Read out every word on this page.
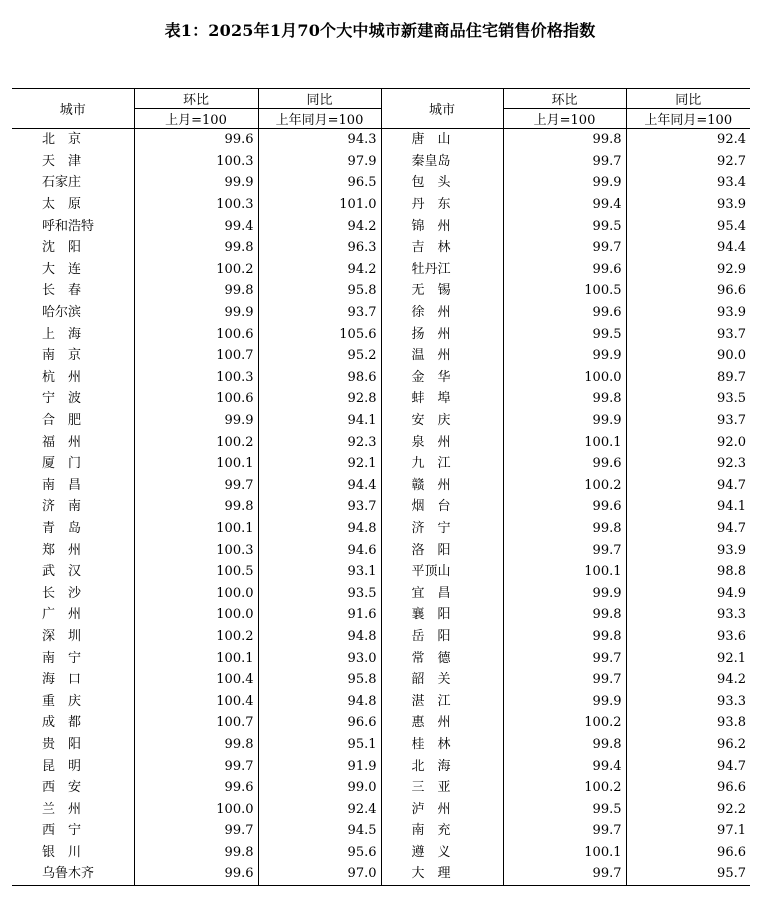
表1：2025年1月70个大中城市新建商品住宅销售价格指数
城市	环比	同比	城市	环比	同比
	上月=100	上年同月=100		上月=100	上年同月=100
北　京	99.6	94.3	唐　山	99.8	92.4
天　津	100.3	97.9	秦皇岛	99.7	92.7
石家庄	99.9	96.5	包　头	99.9	93.4
太　原	100.3	101.0	丹　东	99.4	93.9
呼和浩特	99.4	94.2	锦　州	99.5	95.4
沈　阳	99.8	96.3	吉　林	99.7	94.4
大　连	100.2	94.2	牡丹江	99.6	92.9
长　春	99.8	95.8	无　锡	100.5	96.6
哈尔滨	99.9	93.7	徐　州	99.6	93.9
上　海	100.6	105.6	扬　州	99.5	93.7
南　京	100.7	95.2	温　州	99.9	90.0
杭　州	100.3	98.6	金　华	100.0	89.7
宁　波	100.6	92.8	蚌　埠	99.8	93.5
合　肥	99.9	94.1	安　庆	99.9	93.7
福　州	100.2	92.3	泉　州	100.1	92.0
厦　门	100.1	92.1	九　江	99.6	92.3
南　昌	99.7	94.4	赣　州	100.2	94.7
济　南	99.8	93.7	烟　台	99.6	94.1
青　岛	100.1	94.8	济　宁	99.8	94.7
郑　州	100.3	94.6	洛　阳	99.7	93.9
武　汉	100.5	93.1	平顶山	100.1	98.8
长　沙	100.0	93.5	宜　昌	99.9	94.9
广　州	100.0	91.6	襄　阳	99.8	93.3
深　圳	100.2	94.8	岳　阳	99.8	93.6
南　宁	100.1	93.0	常　德	99.7	92.1
海　口	100.4	95.8	韶　关	99.7	94.2
重　庆	100.4	94.8	湛　江	99.9	93.3
成　都	100.7	96.6	惠　州	100.2	93.8
贵　阳	99.8	95.1	桂　林	99.8	96.2
昆　明	99.7	91.9	北　海	99.4	94.7
西　安	99.6	99.0	三　亚	100.2	96.6
兰　州	100.0	92.4	泸　州	99.5	92.2
西　宁	99.7	94.5	南　充	99.7	97.1
银　川	99.8	95.6	遵　义	100.1	96.6
乌鲁木齐	99.6	97.0	大　理	99.7	95.7
